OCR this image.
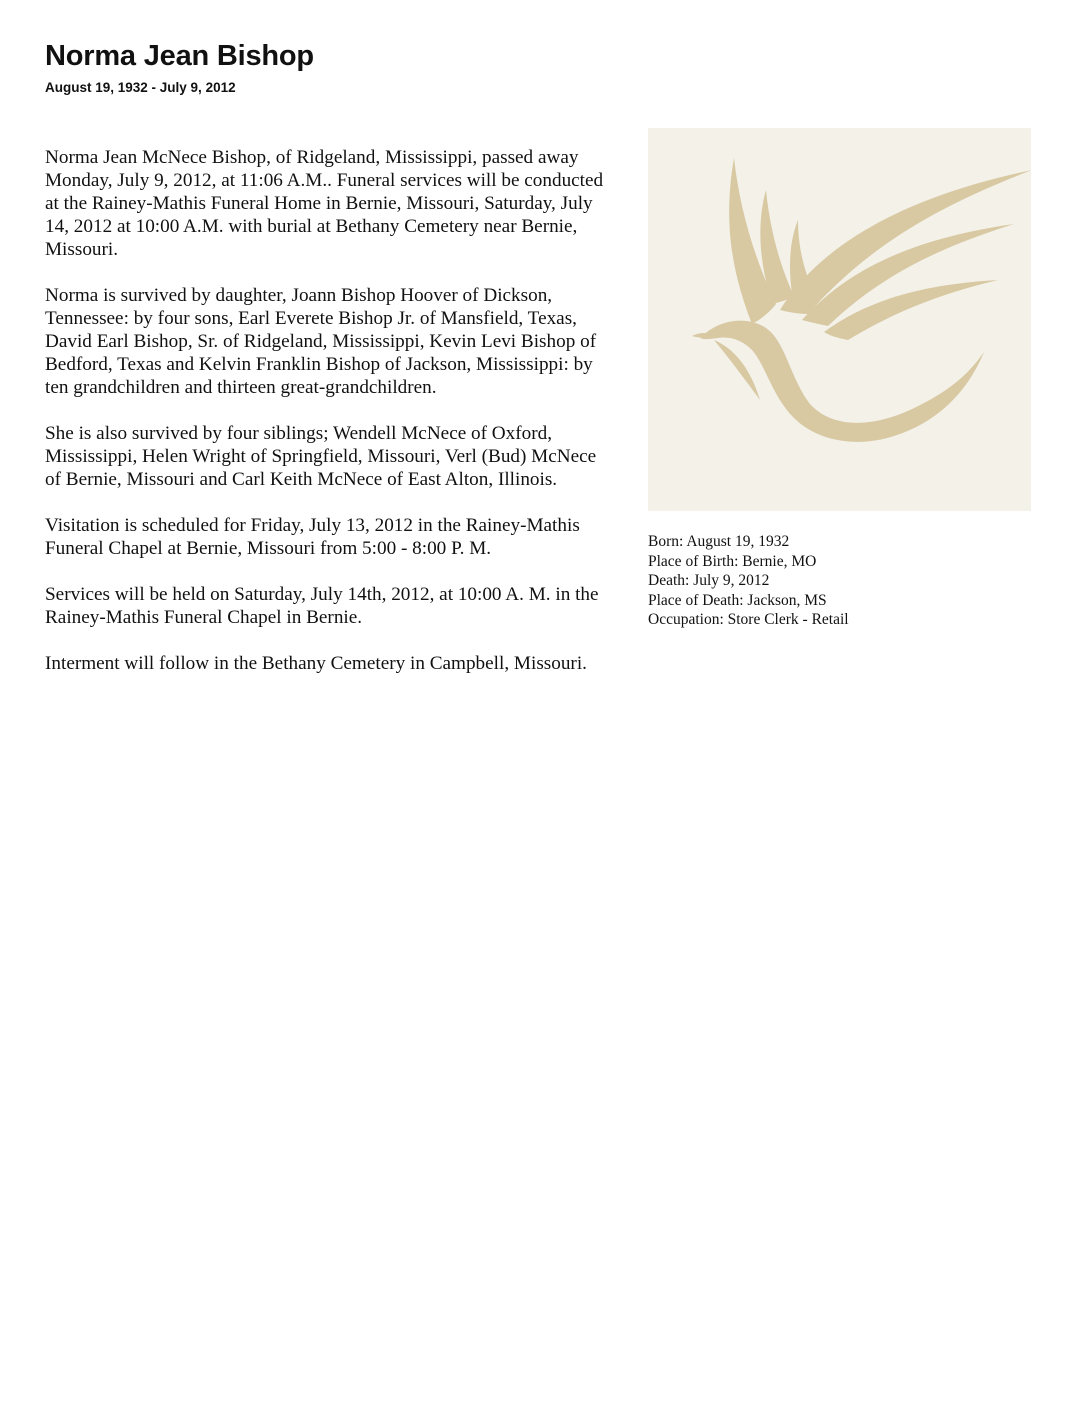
Norma Jean Bishop
August 19, 1932 - July 9, 2012

Norma Jean McNece Bishop, of Ridgeland, Mississippi, passed away Monday, July 9, 2012, at 11:06 A.M.. Funeral services will be conducted at the Rainey-Mathis Funeral Home in Bernie, Missouri, Saturday, July 14, 2012 at 10:00 A.M. with burial at Bethany Cemetery near Bernie, Missouri.

Norma is survived by daughter, Joann Bishop Hoover of Dickson, Tennessee: by four sons, Earl Everete Bishop Jr. of Mansfield, Texas, David Earl Bishop, Sr. of Ridgeland, Mississippi, Kevin Levi Bishop of Bedford, Texas and Kelvin Franklin Bishop of Jackson, Mississippi: by ten grandchildren and thirteen great-grandchildren.

She is also survived by four siblings; Wendell McNece of Oxford, Mississippi, Helen Wright of Springfield, Missouri, Verl (Bud) McNece of Bernie, Missouri and Carl Keith McNece of East Alton, Illinois.

Visitation is scheduled for Friday, July 13, 2012 in the Rainey-Mathis Funeral Chapel at Bernie, Missouri from 5:00 - 8:00 P. M.

Services will be held on Saturday, July 14th, 2012, at 10:00 A. M. in the Rainey-Mathis Funeral Chapel in Bernie.

Interment will follow in the Bethany Cemetery in Campbell, Missouri.

Born: August 19, 1932
Place of Birth: Bernie, MO
Death: July 9, 2012
Place of Death: Jackson, MS
Occupation: Store Clerk - Retail
